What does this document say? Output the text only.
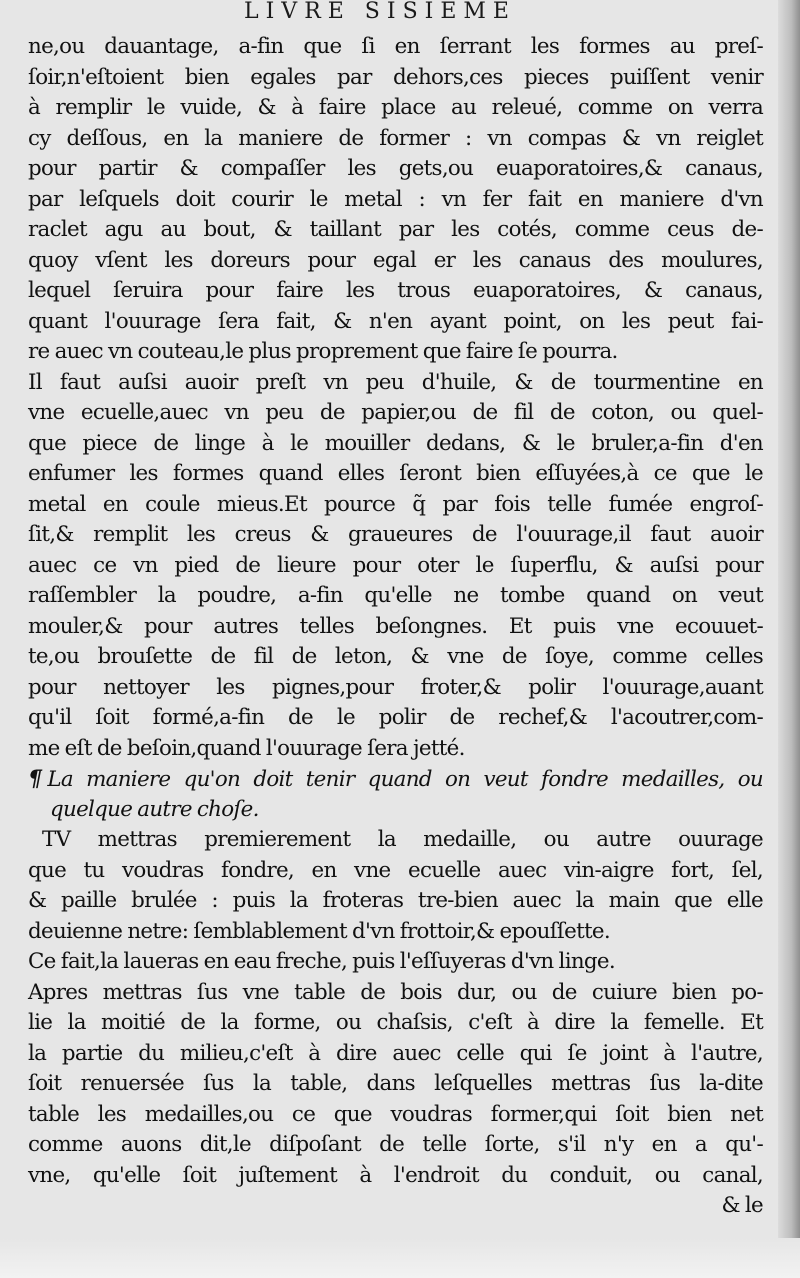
LIVRE SISIEME
ne,ou dauantage, a-fin que ſi en ſerrant les formes au preſ-
ſoir,n'eſtoient bien egales par dehors,ces pieces puiſſent venir
à remplir le vuide, & à faire place au releué, comme on verra
cy deſſous, en la maniere de former : vn compas & vn reiglet
pour partir & compaſſer les gets,ou euaporatoires,& canaus,
par leſquels doit courir le metal : vn fer fait en maniere d'vn
raclet agu au bout, & taillant par les cotés, comme ceus de-
quoy vſent les doreurs pour egal er les canaus des moulures,
lequel ſeruira pour faire les trous euaporatoires, & canaus,
quant l'ouurage ſera fait, & n'en ayant point, on les peut fai-
re auec vn couteau,le plus proprement que faire ſe pourra.
Il faut auſsi auoir preſt vn peu d'huile, & de tourmentine en
vne ecuelle,auec vn peu de papier,ou de fil de coton, ou quel-
que piece de linge à le mouiller dedans, & le bruler,a-fin d'en
enfumer les formes quand elles ſeront bien eſſuyées,à ce que le
metal en coule mieus.Et pource q̃ par fois telle fumée engroſ-
ſit,& remplit les creus & graueures de l'ouurage,il faut auoir
auec ce vn pied de lieure pour oter le ſuperflu, & auſsi pour
raſſembler la poudre, a-fin qu'elle ne tombe quand on veut
mouler,& pour autres telles beſongnes. Et puis vne ecouuet-
te,ou brouſette de fil de leton, & vne de ſoye, comme celles
pour nettoyer les pignes,pour froter,& polir l'ouurage,auant
qu'il ſoit formé,a-fin de le polir de rechef,& l'acoutrer,com-
me eſt de beſoin,quand l'ouurage ſera jetté.
¶ La maniere qu'on doit tenir quand on veut fondre medailles, ou
quelque autre choſe.
TV mettras premierement la medaille, ou autre ouurage
que tu voudras fondre, en vne ecuelle auec vin-aigre fort, ſel,
& paille brulée : puis la froteras tre-bien auec la main que elle
deuienne netre: ſemblablement d'vn frottoir,& epouſſette.
Ce fait,la laueras en eau freche, puis l'eſſuyeras d'vn linge.
Apres mettras ſus vne table de bois dur, ou de cuiure bien po-
lie la moitié de la forme, ou chaſsis, c'eſt à dire la femelle. Et
la partie du milieu,c'eſt à dire auec celle qui ſe joint à l'autre,
ſoit renuersée ſus la table, dans leſquelles mettras ſus la-dite
table les medailles,ou ce que voudras former,qui ſoit bien net
comme auons dit,le diſpoſant de telle ſorte, s'il n'y en a qu'-
vne, qu'elle ſoit juſtement à l'endroit du conduit, ou canal,
& le
